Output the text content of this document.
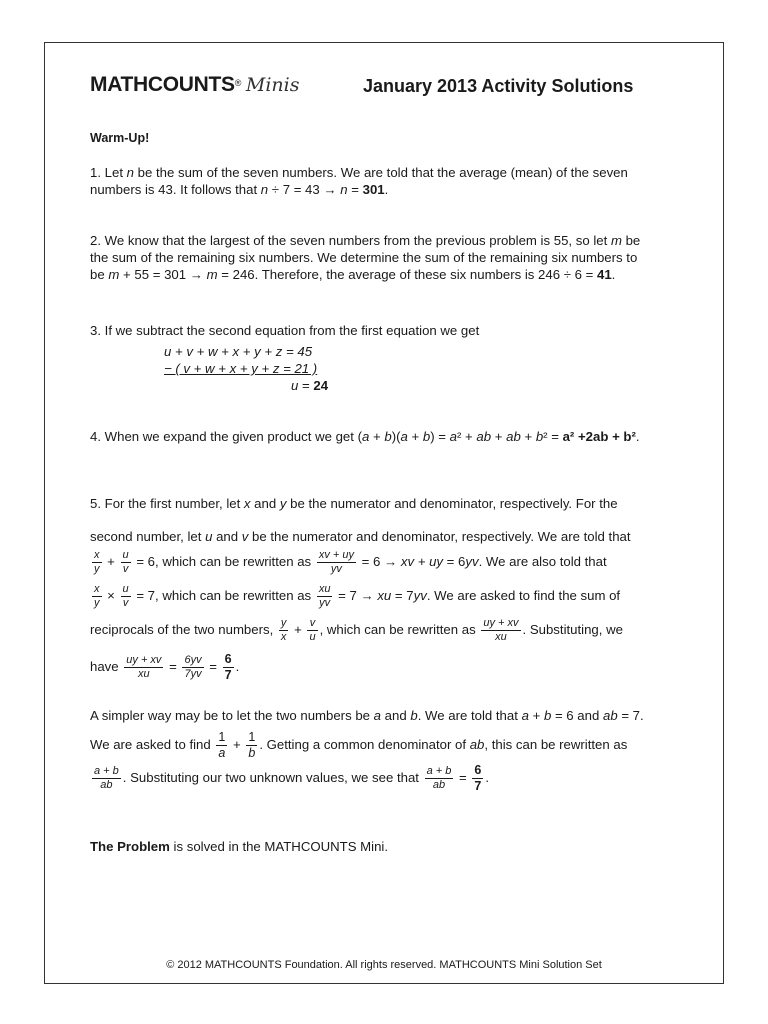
MATHCOUNTS® Minis	January 2013 Activity Solutions
Warm-Up!
1. Let n be the sum of the seven numbers. We are told that the average (mean) of the seven
numbers is 43. It follows that n ÷ 7 = 43 → n = 301.
2. We know that the largest of the seven numbers from the previous problem is 55, so let m be
the sum of the remaining six numbers. We determine the sum of the remaining six numbers to
be m + 55 = 301 → m = 246. Therefore, the average of these six numbers is 246 ÷ 6 = 41.
3. If we subtract the second equation from the first equation we get
u + v + w + x + y + z = 45
− ( v + w + x + y + z = 21 )
u = 24
4. When we expand the given product we get (a + b)(a + b) = a² + ab + ab + b² = a² +2ab + b².
5. For the first number, let x and y be the numerator and denominator, respectively. For the
second number, let u and v be the numerator and denominator, respectively. We are told that
$\frac{x}{y} + \frac{u}{v} = 6$, which can be rewritten as $\frac{xv + uy}{yv} = 6$ → xv + uy = 6yv. We are also told that
$\frac{x}{y} \times \frac{u}{v} = 7$, which can be rewritten as $\frac{xu}{yv} = 7$ → xu = 7yv. We are asked to find the sum of
reciprocals of the two numbers, $\frac{y}{x} + \frac{v}{u}$ , which can be rewritten as $\frac{uy + xv}{xu}$ . Substituting, we
have $\frac{uy + xv}{xu} = \frac{6yv}{7yv} = \frac{6}{7}$ .
A simpler way may be to let the two numbers be a and b. We are told that a + b = 6 and ab = 7.
We are asked to find $\frac{1}{a} + \frac{1}{b}$ . Getting a common denominator of ab, this can be rewritten as
$\frac{a + b}{ab}$ . Substituting our two unknown values, we see that $\frac{a + b}{ab} = \frac{6}{7}$ .
The Problem is solved in the MATHCOUNTS Mini.
© 2012 MATHCOUNTS Foundation. All rights reserved. MATHCOUNTS Mini Solution Set
